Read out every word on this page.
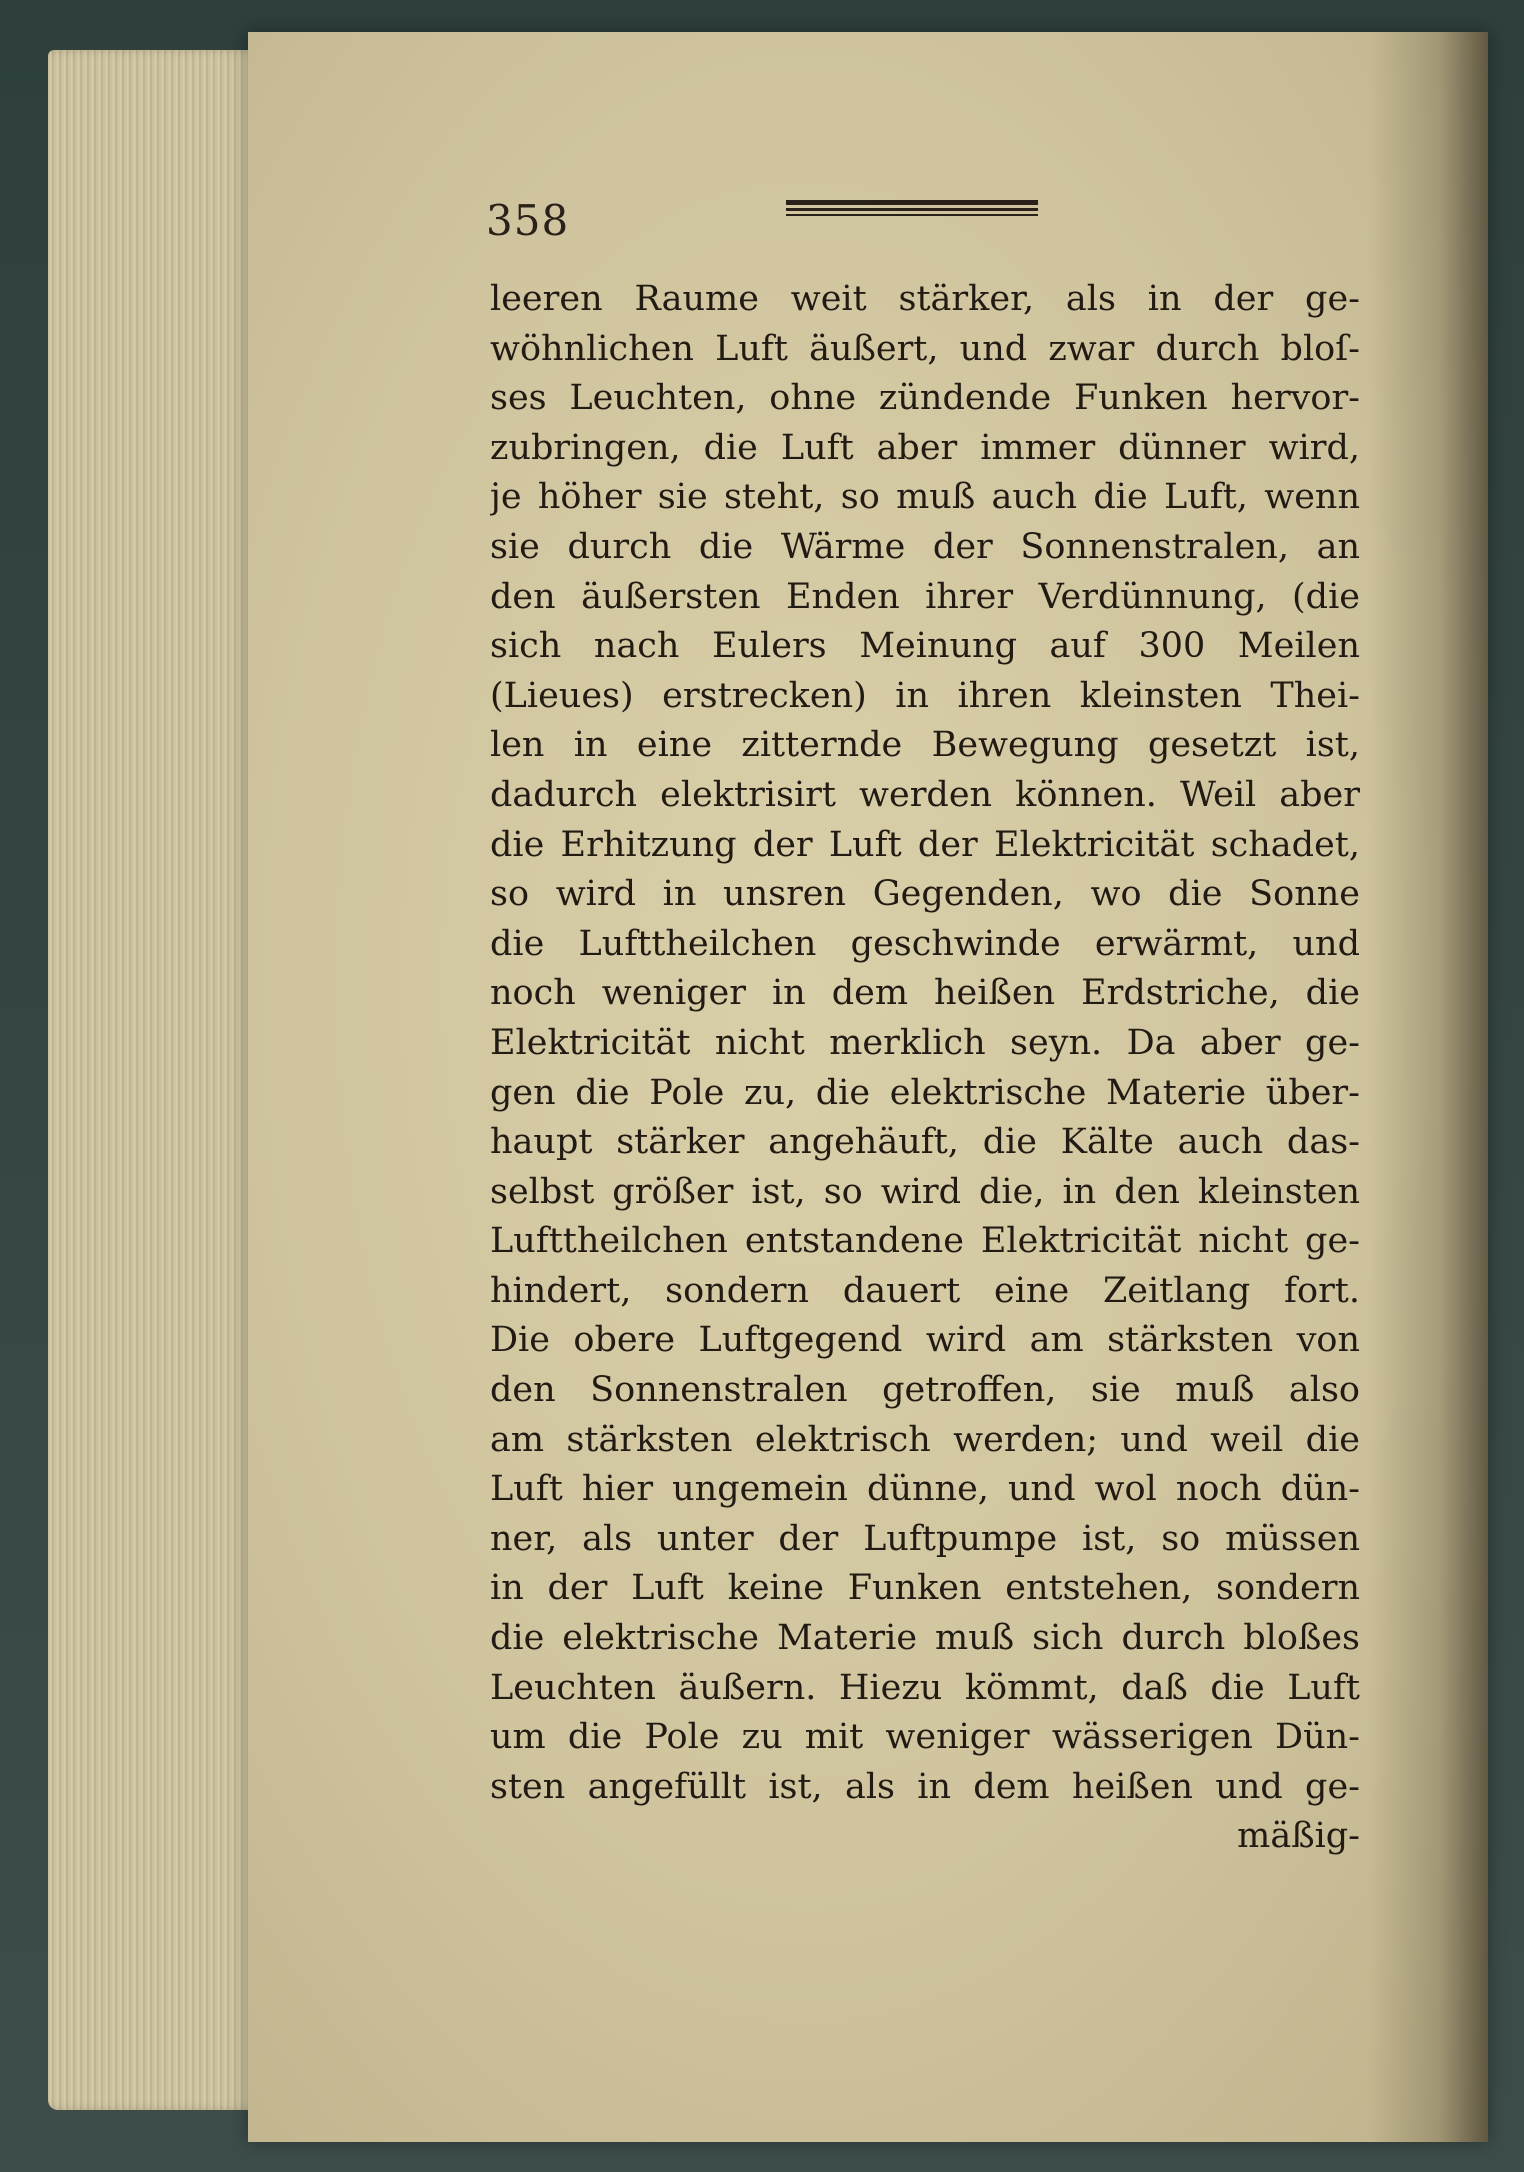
358
leeren Raume weit stärker, als in der ge-
wöhnlichen Luft äußert, und zwar durch bloſ-
ses Leuchten, ohne zündende Funken hervor-
zubringen, die Luft aber immer dünner wird,
je höher sie steht, so muß auch die Luft, wenn
sie durch die Wärme der Sonnenstralen, an
den äußersten Enden ihrer Verdünnung, (die
sich nach Eulers Meinung auf 300 Meilen
(Lieues) erstrecken) in ihren kleinsten Thei-
len in eine zitternde Bewegung gesetzt ist,
dadurch elektrisirt werden können. Weil aber
die Erhitzung der Luft der Elektricität schadet,
so wird in unsren Gegenden, wo die Sonne
die Lufttheilchen geschwinde erwärmt, und
noch weniger in dem heißen Erdstriche, die
Elektricität nicht merklich seyn. Da aber ge-
gen die Pole zu, die elektrische Materie über-
haupt stärker angehäuft, die Kälte auch das-
selbst größer ist, so wird die, in den kleinsten
Lufttheilchen entstandene Elektricität nicht ge-
hindert, sondern dauert eine Zeitlang fort.
Die obere Luftgegend wird am stärksten von
den Sonnenstralen getroffen, sie muß also
am stärksten elektrisch werden; und weil die
Luft hier ungemein dünne, und wol noch dün-
ner, als unter der Luftpumpe ist, so müssen
in der Luft keine Funken entstehen, sondern
die elektrische Materie muß sich durch bloßes
Leuchten äußern. Hiezu kömmt, daß die Luft
um die Pole zu mit weniger wässerigen Dün-
sten angefüllt ist, als in dem heißen und ge-
mäßig-
